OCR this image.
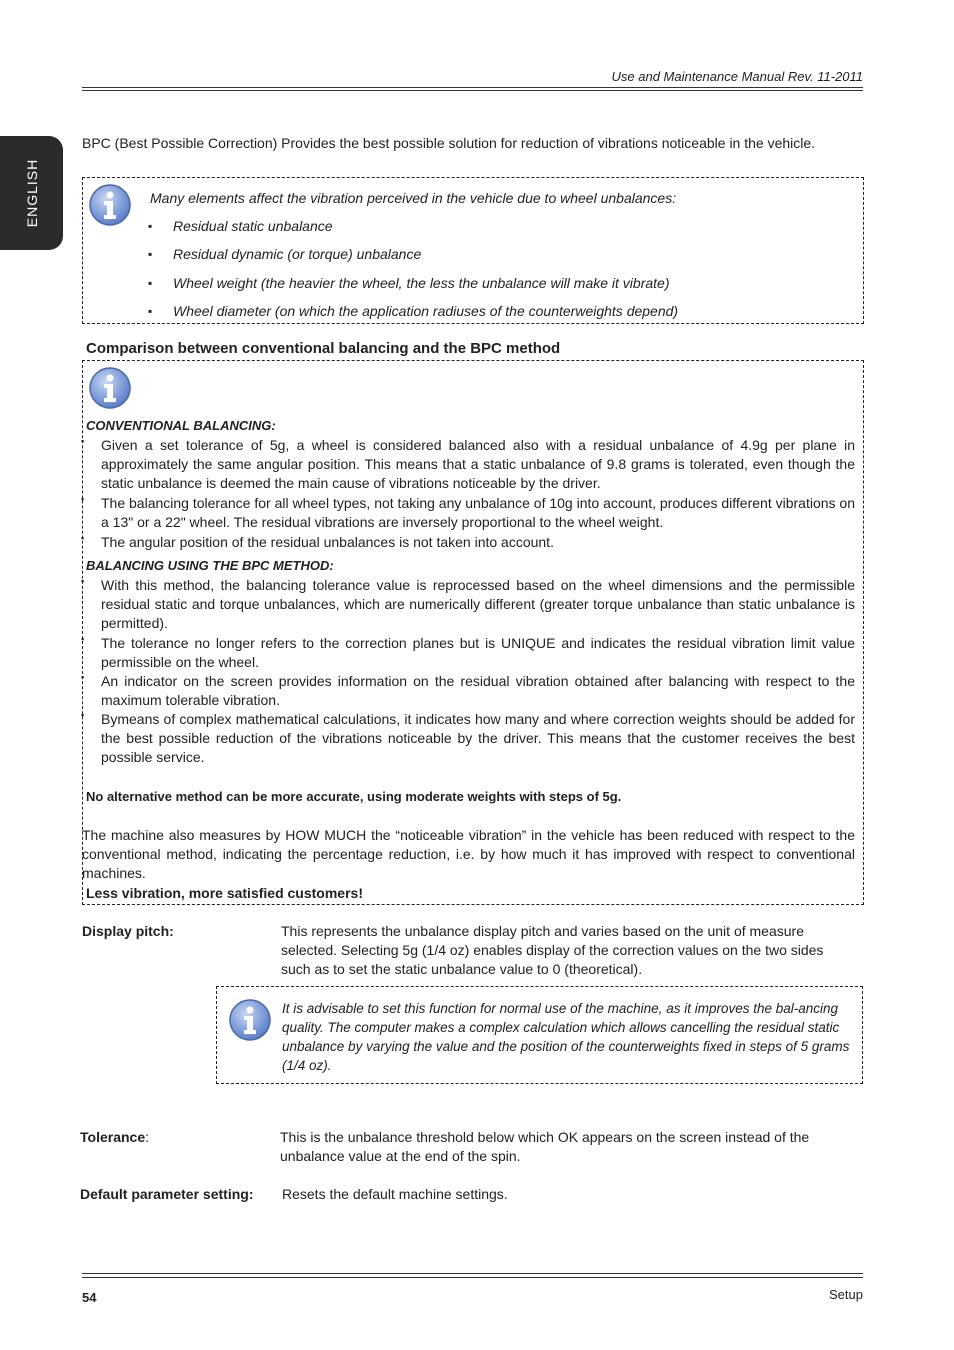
Use and Maintenance Manual Rev. 11-2011
ENGLISH
BPC (Best Possible Correction) Provides the best possible solution for reduction of vibrations noticeable in the vehicle.
Many elements affect the vibration perceived in the vehicle due to wheel unbalances:
▪ Residual static unbalance
▪ Residual dynamic (or torque) unbalance
▪ Wheel weight (the heavier the wheel, the less the unbalance will make it vibrate)
▪ Wheel diameter (on which the application radiuses of the counterweights depend)
Comparison between conventional balancing and the BPC method
CONVENTIONAL BALANCING:
▪ Given a set tolerance of 5g, a wheel is considered balanced also with a residual unbalance of 4.9g per plane in approximately the same angular position. This means that a static unbalance of 9.8 grams is tolerated, even though the static unbalance is deemed the main cause of vibrations noticeable by the driver.
▪ The balancing tolerance for all wheel types, not taking any unbalance of 10g into account, produces different vibrations on a 13" or a 22" wheel. The residual vibrations are inversely proportional to the wheel weight.
▪ The angular position of the residual unbalances is not taken into account.
BALANCING USING THE BPC METHOD:
▪ With this method, the balancing tolerance value is reprocessed based on the wheel dimensions and the permissible residual static and torque unbalances, which are numerically different (greater torque unbalance than static unbalance is permitted).
▪ The tolerance no longer refers to the correction planes but is UNIQUE and indicates the residual vibration limit value permissible on the wheel.
▪ An indicator on the screen provides information on the residual vibration obtained after balancing with respect to the maximum tolerable vibration.
▪ Bymeans of complex mathematical calculations, it indicates how many and where correction weights should be added for the best possible reduction of the vibrations noticeable by the driver. This means that the customer receives the best possible service.
No alternative method can be more accurate, using moderate weights with steps of 5g.
The machine also measures by HOW MUCH the “noticeable vibration” in the vehicle has been reduced with respect to the conventional method, indicating the percentage reduction, i.e. by how much it has improved with respect to conventional machines.
Less vibration, more satisfied customers!
Display pitch:	This represents the unbalance display pitch and varies based on the unit of measure selected. Selecting 5g (1/4 oz) enables display of the correction values on the two sides such as to set the static unbalance value to 0 (theoretical).
It is advisable to set this function for normal use of the machine, as it improves the bal-ancing quality. The computer makes a complex calculation which allows cancelling the residual static unbalance by varying the value and the position of the counterweights fixed in steps of 5 grams (1/4 oz).
Tolerance:	This is the unbalance threshold below which OK appears on the screen instead of the unbalance value at the end of the spin.
Default parameter setting: Resets the default machine settings.
54	Setup
